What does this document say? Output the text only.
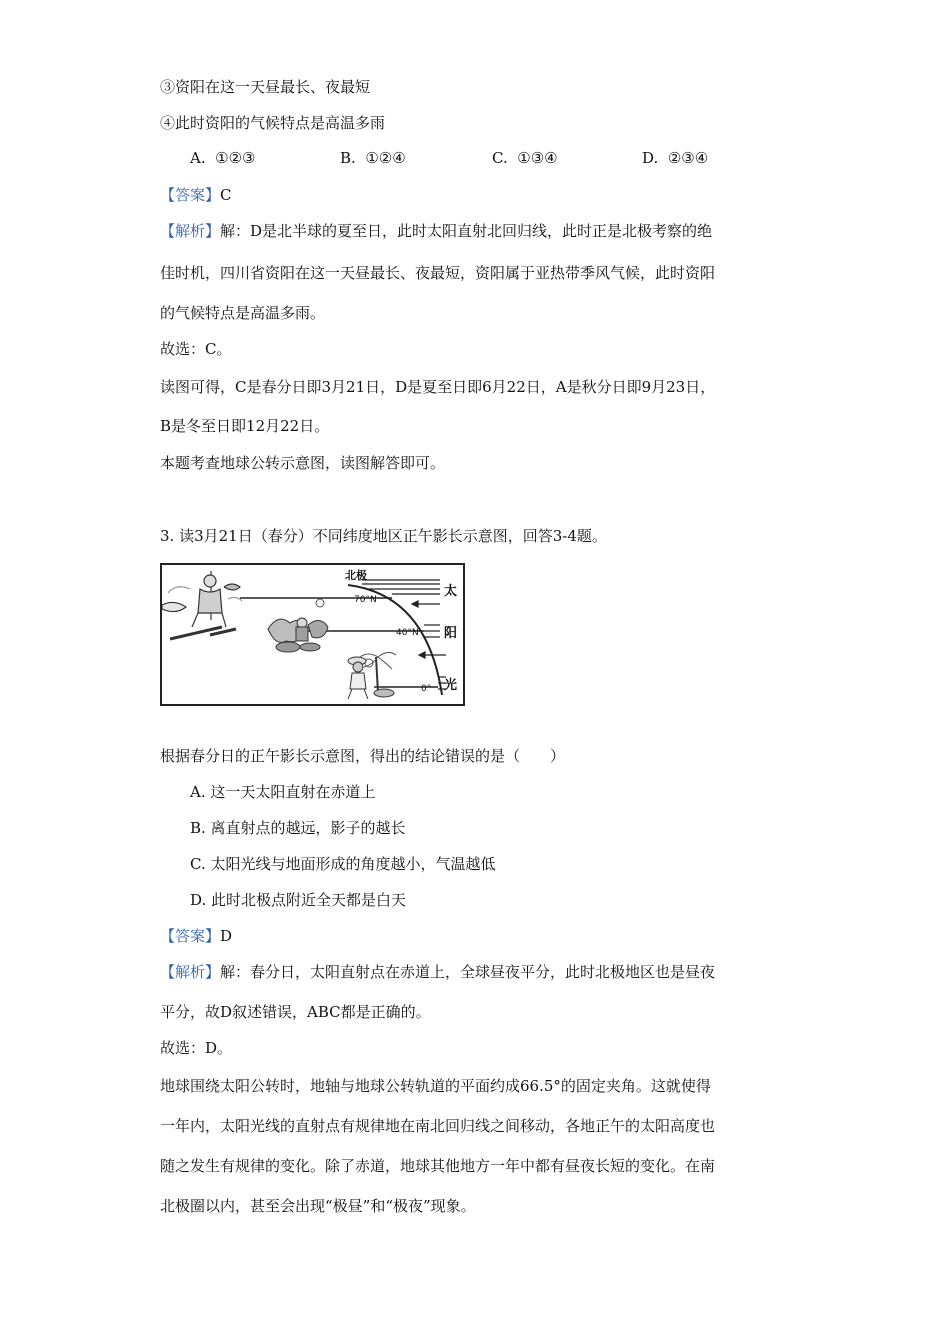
③资阳在这一天昼最长、夜最短
④此时资阳的气候特点是高温多雨
A. ①②③	B. ①②④	C. ①③④	D. ②③④
【答案】C
【解析】解：D是北半球的夏至日，此时太阳直射北回归线，此时正是北极考察的绝
佳时机，四川省资阳在这一天昼最长、夜最短，资阳属于亚热带季风气候，此时资阳
的气候特点是高温多雨。
故选：C。
读图可得，C是春分日即3月21日，D是夏至日即6月22日，A是秋分日即9月23日，
B是冬至日即12月22日。
本题考查地球公转示意图，读图解答即可。
3. 读3月21日（春分）不同纬度地区正午影长示意图，回答3-4题。
北极
70°N
40°N
0°
太
阳
光
根据春分日的正午影长示意图，得出的结论错误的是（　　）
A. 这一天太阳直射在赤道上
B. 离直射点的越远，影子的越长
C. 太阳光线与地面形成的角度越小，气温越低
D. 此时北极点附近全天都是白天
【答案】D
【解析】解：春分日，太阳直射点在赤道上，全球昼夜平分，此时北极地区也是昼夜
平分，故D叙述错误，ABC都是正确的。
故选：D。
地球围绕太阳公转时，地轴与地球公转轨道的平面约成66.5°的固定夹角。这就使得
一年内，太阳光线的直射点有规律地在南北回归线之间移动，各地正午的太阳高度也
随之发生有规律的变化。除了赤道，地球其他地方一年中都有昼夜长短的变化。在南
北极圈以内，甚至会出现“极昼”和“极夜”现象。
